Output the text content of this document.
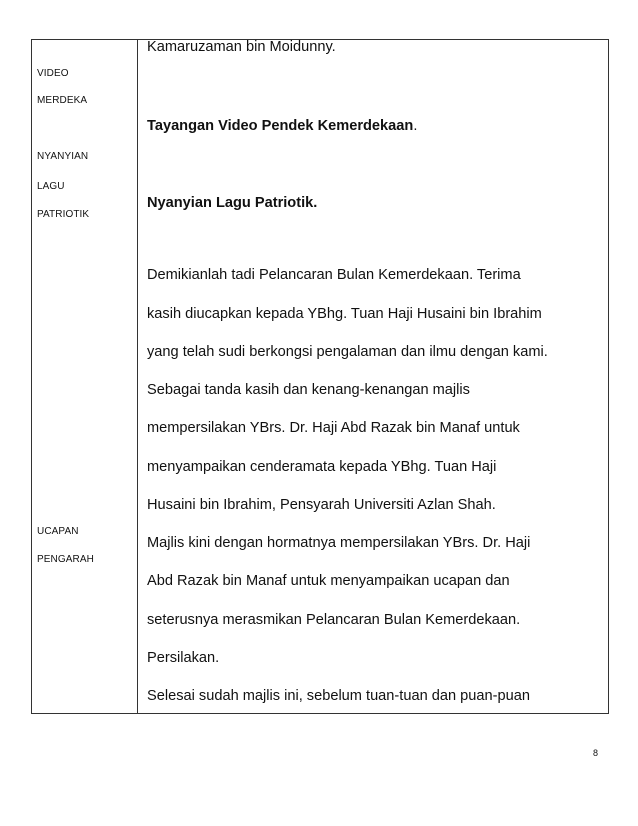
VIDEO
MERDEKA
NYANYIAN
LAGU
PATRIOTIK
UCAPAN
PENGARAH
Kamaruzaman bin Moidunny.
Tayangan Video Pendek Kemerdekaan.
Nyanyian Lagu Patriotik.
Demikianlah tadi Pelancaran Bulan Kemerdekaan. Terima
kasih diucapkan kepada YBhg. Tuan Haji Husaini bin Ibrahim
yang telah sudi berkongsi pengalaman dan ilmu dengan kami.
Sebagai tanda kasih dan kenang-kenangan majlis
mempersilakan YBrs. Dr. Haji Abd Razak bin Manaf untuk
menyampaikan cenderamata kepada YBhg. Tuan Haji
Husaini bin Ibrahim, Pensyarah Universiti Azlan Shah.
Majlis kini dengan hormatnya mempersilakan YBrs. Dr. Haji
Abd Razak bin Manaf untuk menyampaikan ucapan dan
seterusnya merasmikan Pelancaran Bulan Kemerdekaan.
Persilakan.
Selesai sudah majlis ini, sebelum tuan-tuan dan puan-puan
8
